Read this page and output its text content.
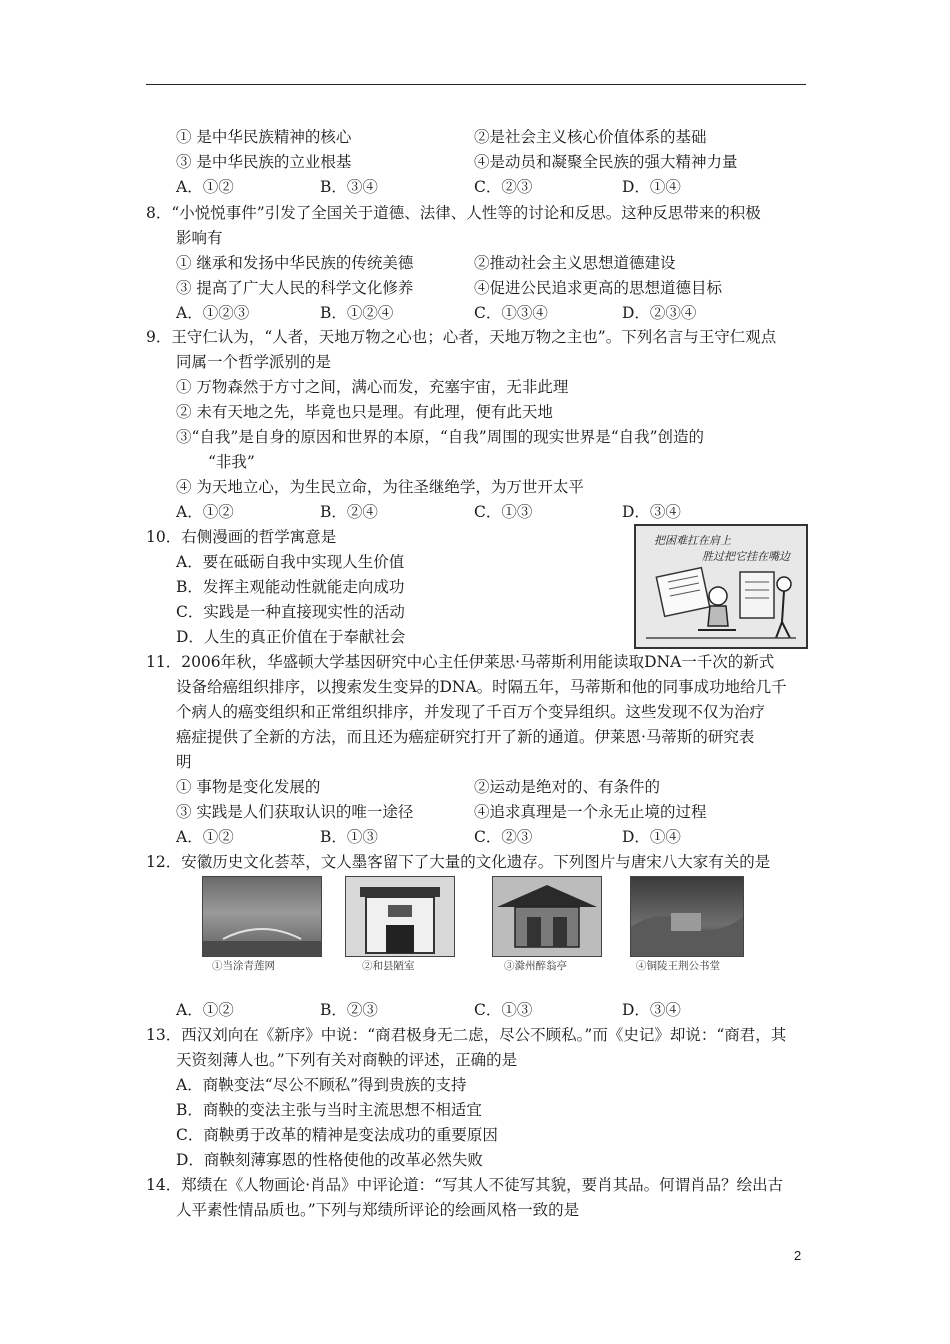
① 是中华民族精神的核心	②是社会主义核心价值体系的基础
③ 是中华民族的立业根基	④是动员和凝聚全民族的强大精神力量
A．①②	B．③④	C．②③	D．①④
8．“小悦悦事件”引发了全国关于道德、法律、人性等的讨论和反思。这种反思带来的积极
影响有
① 继承和发扬中华民族的传统美德	②推动社会主义思想道德建设
③ 提高了广大人民的科学文化修养	④促进公民追求更高的思想道德目标
A．①②③	B．①②④	C．①③④	D．②③④
9．王守仁认为，“人者，天地万物之心也；心者，天地万物之主也”。下列名言与王守仁观点
同属一个哲学派别的是
① 万物森然于方寸之间，满心而发，充塞宇宙，无非此理
② 未有天地之先，毕竟也只是理。有此理，便有此天地
③“自我”是自身的原因和世界的本原，“自我”周围的现实世界是“自我”创造的
“非我”
④ 为天地立心，为生民立命，为往圣继绝学，为万世开太平
A．①②	B．②④	C．①③	D．③④
10．右侧漫画的哲学寓意是
A．要在砥砺自我中实现人生价值
B．发挥主观能动性就能走向成功
C．实践是一种直接现实性的活动
D．人生的真正价值在于奉献社会
把困难扛在肩上
胜过把它挂在嘴边
11．2006年秋，华盛顿大学基因研究中心主任伊莱思·马蒂斯利用能读取DNA一千次的新式
设备给癌组织排序，以搜索发生变异的DNA。时隔五年，马蒂斯和他的同事成功地给几千
个病人的癌变组织和正常组织排序，并发现了千百万个变异组织。这些发现不仅为治疗
癌症提供了全新的方法，而且还为癌症研究打开了新的通道。伊莱恩·马蒂斯的研究表
明
① 事物是变化发展的	②运动是绝对的、有条件的
③ 实践是人们获取认识的唯一途径	④追求真理是一个永无止境的过程
A．①②	B．①③	C．②③	D．①④
12．安徽历史文化荟萃，文人墨客留下了大量的文化遗存。下列图片与唐宋八大家有关的是
①当涂青莲网	②和县陋室	③滁州醉翁亭	④铜陵王荆公书堂
A．①②	B．②③	C．①③	D．③④
13．西汉刘向在《新序》中说：“商君极身无二虑，尽公不顾私。”而《史记》却说：“商君，其
天资刻薄人也。”下列有关对商鞅的评述，正确的是
A．商鞅变法“尽公不顾私”得到贵族的支持
B．商鞅的变法主张与当时主流思想不相适宜
C．商鞅勇于改革的精神是变法成功的重要原因
D．商鞅刻薄寡恩的性格使他的改革必然失败
14．郑绩在《人物画论·肖品》中评论道：“写其人不徒写其貌，要肖其品。何谓肖品？绘出古
人平素性情品质也。”下列与郑绩所评论的绘画风格一致的是
2
